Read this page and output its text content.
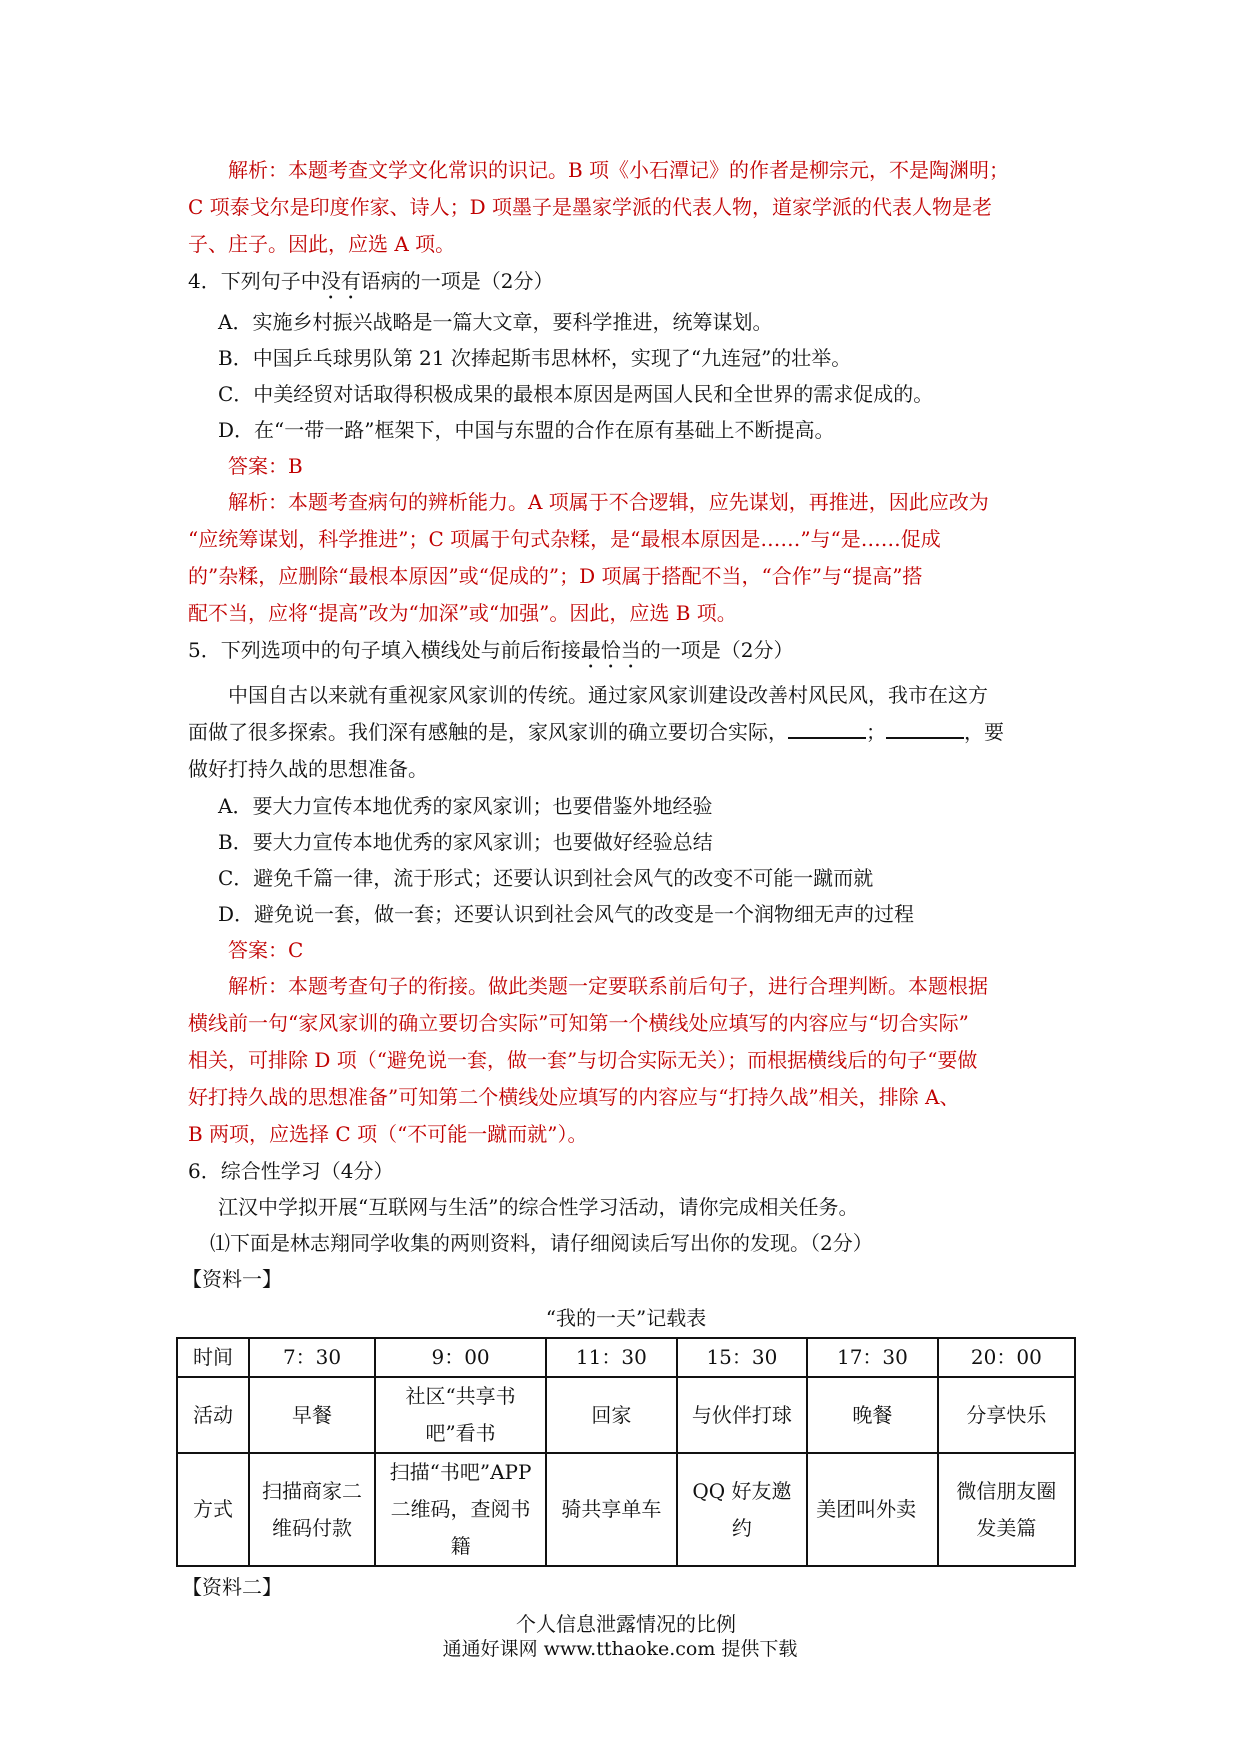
解析：本题考查文学文化常识的识记。B 项《小石潭记》的作者是柳宗元，不是陶渊明；
C 项泰戈尔是印度作家、诗人；D 项墨子是墨家学派的代表人物，道家学派的代表人物是老
子、庄子。因此，应选 A 项。
4．下列句子中没有语病的一项是（2分）
A．实施乡村振兴战略是一篇大文章，要科学推进，统筹谋划。
B．中国乒乓球男队第 21 次捧起斯韦思林杯，实现了“九连冠”的壮举。
C．中美经贸对话取得积极成果的最根本原因是两国人民和全世界的需求促成的。
D．在“一带一路”框架下，中国与东盟的合作在原有基础上不断提高。
答案：B
解析：本题考查病句的辨析能力。A 项属于不合逻辑，应先谋划，再推进，因此应改为
“应统筹谋划，科学推进”；C 项属于句式杂糅，是“最根本原因是……”与“是……促成
的”杂糅，应删除“最根本原因”或“促成的”；D 项属于搭配不当，“合作”与“提高”搭
配不当，应将“提高”改为“加深”或“加强”。因此，应选 B 项。
5．下列选项中的句子填入横线处与前后衔接最恰当的一项是（2分）
中国自古以来就有重视家风家训的传统。通过家风家训建设改善村风民风，我市在这方
面做了很多探索。我们深有感触的是，家风家训的确立要切合实际，	；	，要
做好打持久战的思想准备。
A．要大力宣传本地优秀的家风家训；也要借鉴外地经验
B．要大力宣传本地优秀的家风家训；也要做好经验总结
C．避免千篇一律，流于形式；还要认识到社会风气的改变不可能一蹴而就
D．避免说一套，做一套；还要认识到社会风气的改变是一个润物细无声的过程
答案：C
解析：本题考查句子的衔接。做此类题一定要联系前后句子，进行合理判断。本题根据
横线前一句“家风家训的确立要切合实际”可知第一个横线处应填写的内容应与“切合实际”
相关，可排除 D 项（“避免说一套，做一套”与切合实际无关）；而根据横线后的句子“要做
好打持久战的思想准备”可知第二个横线处应填写的内容应与“打持久战”相关，排除 A、
B 两项，应选择 C 项（“不可能一蹴而就”）。
6．综合性学习（4分）
江汉中学拟开展“互联网与生活”的综合性学习活动，请你完成相关任务。
⑴下面是林志翔同学收集的两则资料，请仔细阅读后写出你的发现。（2分）
【资料一】
“我的一天”记载表
时间	7：30	9：00	11：30	15：30	17：30	20：00
活动	早餐	社区“共享书吧”看书	回家	与伙伴打球	晚餐	分享快乐
方式	扫描商家二维码付款	扫描“书吧”APP二维码，查阅书籍	骑共享单车	QQ 好友邀约	美团叫外卖	微信朋友圈发美篇
【资料二】
个人信息泄露情况的比例
通通好课网 www.tthaoke.com 提供下载
